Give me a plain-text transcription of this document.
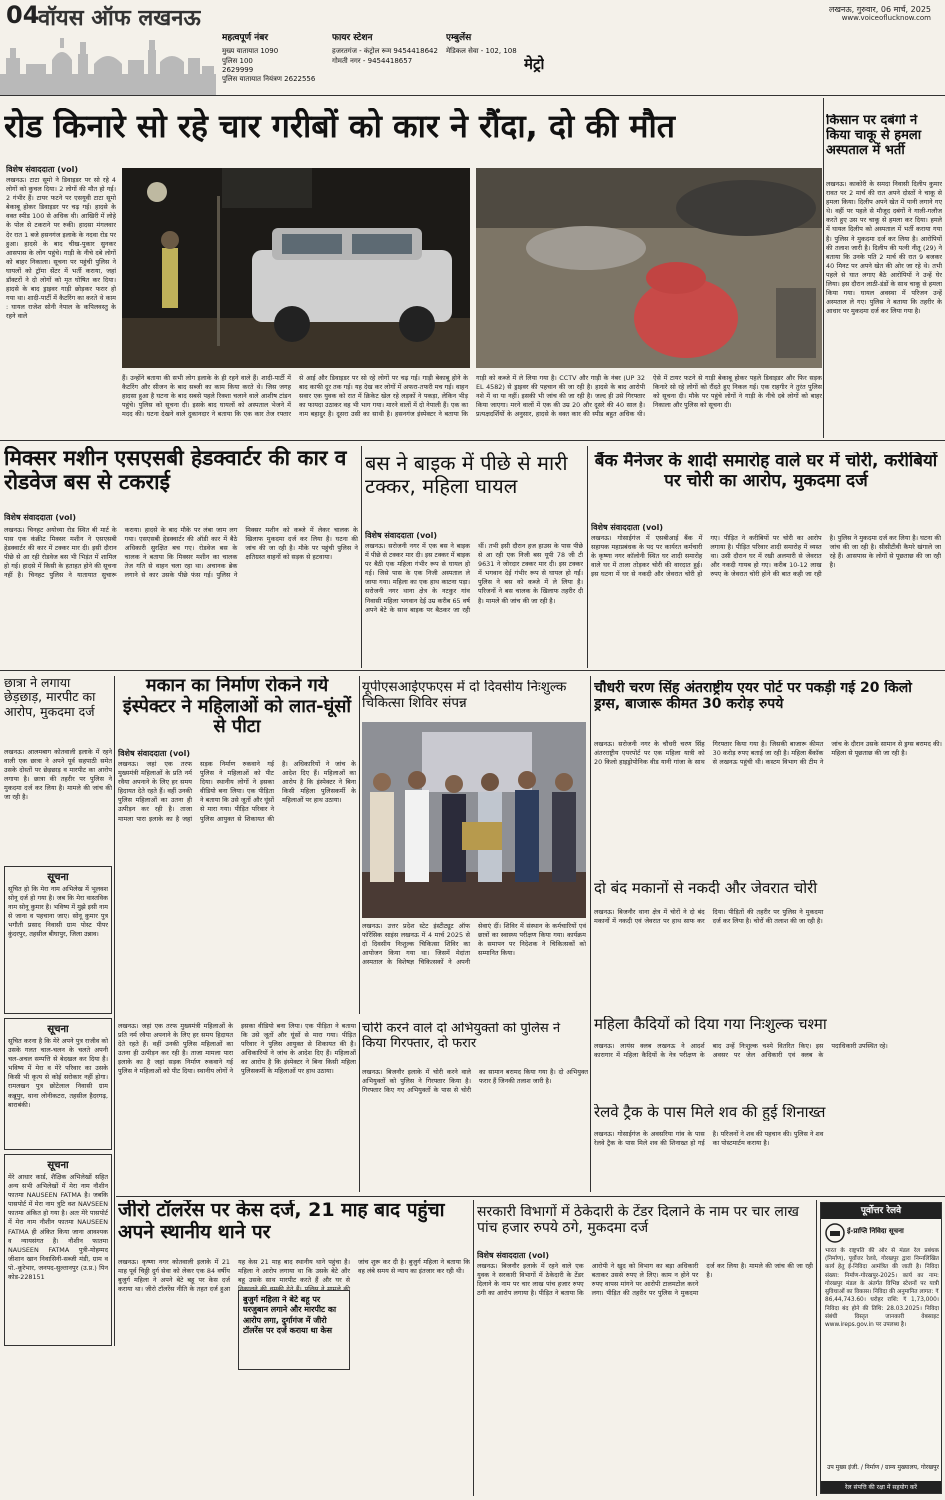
04
वॉयस ऑफ लखनऊ	लखनऊ, गुरुवार, 06 मार्च, 2025
www.voiceoflucknow.com
महत्वपूर्ण नंबर
मुख्य यातायात 1090
पुलिस 100
2629999
पुलिस यातायात नियंत्रण 2622556
फायर स्टेशन
हजरतगंज - कंट्रोल रूम 9454418642
गोमती नगर - 9454418657
एम्बुलेंस
मेडिकल सेवा - 102, 108
मेट्रो
रोड किनारे सो रहे चार गरीबों को कार ने रौंदा, दो की मौत
विशेष संवाददाता (vol)
लखनऊ। टाटा सूमो ने डिवाइडर पर सो रहे 4 लोगों को कुचल दिया। 2 लोगों की मौत हो गई। 2 गंभीर हैं। टायर फटने पर एसयूवी टाटा सूमो बेकाबू होकर डिवाइडर पर चढ़ गई। हादसे के वक्त स्पीड 100 से अधिक थी। आखिरी में लोहे के पोल से टकराने पर रुकी। हादसा मंगलवार देर रात 1 बजे हसनगंज इलाके के नदवा रोड पर हुआ। हादसे के बाद चीख-पुकार सुनकर आसपास के लोग पहुंचे। गाड़ी के नीचे दबे लोगों को बाहर निकाला। सूचना पर पहुंची पुलिस ने घायलों को ट्रॉमा सेंटर में भर्ती कराया, जहां डॉक्टरों ने दो लोगों को मृत घोषित कर दिया। हादसे के बाद ड्राइवर गाड़ी छोड़कर फरार हो गया था। शादी-पार्टी में कैटरिंग का करते थे काम : घायल राजेश सोनी नेपाल के कपिलवस्तु के रहने वाले
हैं। उन्होंने बताया की सभी लोग इलाके के ही रहने वाले हैं। शादी-पार्टी में कैटरिंग और सीजन के बाद सब्जी का काम किया करते थे। जिस जगह हादसा हुआ है घटना के बाद सबसे पहले रिक्शा चलाने वाले आशीष टांडन पहुंचे। पुलिस को सूचना दी। इसके बाद घायलों को अस्पताल भेजने में मदद की। घटना देखने वाले दुकानदार ने बताया कि एक कार तेज रफ्तार से आई और डिवाइडर पर सो रहे लोगों पर चढ़ गई। गाड़ी बेकाबू होने के बाद काफी दूर तक गई। यह देख कर लोगों में अफरा-तफरी मच गई। वाहन सवार एक युवक को रात में क्रिकेट खेल रहे लड़कों ने पकड़ा, लेकिन भीड़ का फायदा उठाकर वह भी भाग गया। मारने वालों में दो नेपाली हैं। एक का नाम बहादुर है। दूसरा उसी का साथी है। हसनगंज इंस्पेक्टर ने बताया कि गाड़ी को कब्जे में ले लिया गया है। CCTV और गाड़ी के नंबर (UP 32 EL 4582) से ड्राइवर की पहचान की जा रही है। हादसे के बाद आरोपी नशे में था या नहीं। इसकी भी जांच की जा रही है। जल्द ही उसे गिरफ्तार किया जाएगा। मरने वालों में एक की उम्र 20 और दूसरे की 40 साल है। प्रत्यक्षदर्शियों के अनुसार, हादसे के वक्त कार की स्पीड बहुत अधिक थी। ऐसे में टायर फटने से गाड़ी बेकाबू होकर पहले डिवाइडर और फिर सड़क किनारे सो रहे लोगों को रौंदते हुए निकल गई। एक राहगीर ने तुरंत पुलिस को सूचना दी। मौके पर पहुंचे लोगों ने गाड़ी के नीचे दबे लोगों को बाहर निकाला और पुलिस को सूचना दी।
किसान पर दबंगों ने किया चाकू से हमला अस्पताल में भर्ती
लखनऊ। काकोरी के समदा निवासी दिलीप कुमार रावत पर 2 मार्च की रात अपने दोस्तों ने चाकू से हमला किया। दिलीप अपने खेत में पानी लगाने गए थे। वहीं पर पहले से मौजूद दबंगों ने गाली-गलौज करते हुए उस पर चाकू से हमला कर दिया। हमले में घायल दिलीप को अस्पताल में भर्ती कराया गया है। पुलिस ने मुकदमा दर्ज कर लिया है। आरोपियों की तलाश जारी है। दिलीप की पत्नी नीतू (29) ने बताया कि उनके पति 2 मार्च की रात 9 बजकर 40 मिनट पर अपने खेत की ओर जा रहे थे। तभी पहले से घात लगाए बैठे आरोपियों ने उन्हें घेर लिया। इस दौरान लाठी-डंडों के साथ चाकू से हमला किया गया। घायल अवस्था में परिजन उन्हें अस्पताल ले गए। पुलिस ने बताया कि तहरीर के आधार पर मुकदमा दर्ज कर लिया गया है।
मिक्सर मशीन एसएसबी हेडक्वार्टर की कार व रोडवेज बस से टकराई
विशेष संवाददाता (vol)
लखनऊ। चिनहट अयोध्या रोड स्थित बी मार्ट के पास एक कंक्रीट मिक्सर मशीन ने एसएसबी हेडक्वार्टर की कार में टक्कर मार दी। इसी दौरान पीछे से आ रही रोडवेज बस भी भिड़ंत में शामिल हो गई। हादसे में किसी के हताहत होने की सूचना नहीं है। चिनहट पुलिस ने यातायात सुचारू कराया। हादसे के बाद मौके पर लंबा जाम लग गया। एसएसबी हेडक्वार्टर की ऑडी कार में बैठे अधिकारी सुरक्षित बच गए। रोडवेज बस के चालक ने बताया कि मिक्सर मशीन का चालक तेज गति से वाहन चला रहा था। अचानक ब्रेक लगाने से कार उसके पीछे फंस गई। पुलिस ने मिक्सर मशीन को कब्जे में लेकर चालक के खिलाफ मुकदमा दर्ज कर लिया है। घटना की जांच की जा रही है। मौके पर पहुंची पुलिस ने क्षतिग्रस्त वाहनों को सड़क से हटवाया।
बस ने बाइक में पीछे से मारी टक्कर, महिला घायल
विशेष संवाददाता (vol)
लखनऊ। सरोजनी नगर में एक बस ने बाइक में पीछे से टक्कर मार दी। इस टक्कर में बाइक पर बैठी एक महिला गंभीर रूप से घायल हो गई। जिसे पास के एक निजी अस्पताल ले जाया गया। महिला का एक हाथ काटना पड़ा। सरोजनी नगर थाना क्षेत्र के नटकुर गांव निवासी महिला भगवान देई उम्र करीब 65 वर्ष अपने बेटे के साथ बाइक पर बैठकर जा रही थीं। तभी इसी दौरान हज हाउस के पास पीछे से आ रही एक निजी बस यूपी 78 जी टी 9631 ने जोरदार टक्कर मार दी। इस टक्कर में भगवान देई गंभीर रूप से घायल हो गईं। पुलिस ने बस को कब्जे में ले लिया है। परिजनों ने बस चालक के खिलाफ तहरीर दी है। मामले की जांच की जा रही है।
बैंक मैनेजर के शादी समारोह वाले घर में चोरी, करीबियों पर चोरी का आरोप, मुकदमा दर्ज
विशेष संवाददाता (vol)
लखनऊ। गोसाईगंज में एसबीआई बैंक में सहायक महाप्रबंधक के पद पर कार्यरत कर्मचारी के कृष्णा नगर कॉलोनी स्थित घर शादी समारोह वाले घर में ताला तोड़कर चोरी की वारदात हुई। इस घटना में घर से नकदी और जेवरात चोरी हो गए। पीड़ित ने करीबियों पर चोरी का आरोप लगाया है। पीड़ित परिवार शादी समारोह में व्यस्त था। उसी दौरान घर में रखी अलमारी से जेवरात और नकदी गायब हो गए। करीब 10-12 लाख रुपए के जेवरात चोरी होने की बात कही जा रही है। पुलिस ने मुकदमा दर्ज कर लिया है। घटना की जांच की जा रही है। सीसीटीवी कैमरे खंगाले जा रहे हैं। आसपास के लोगों से पूछताछ की जा रही है।
छात्रा ने लगाया छेड़छाड़, मारपीट का आरोप, मुकदमा दर्ज
लखनऊ। आलमबाग कोतवाली इलाके में रहने वाली एक छात्रा ने अपने पूर्व सहपाठी समेत उसके दोस्तों पर छेड़छाड़ व मारपीट का आरोप लगाया है। छात्रा की तहरीर पर पुलिस ने मुकदमा दर्ज कर लिया है। मामले की जांच की जा रही है।
सूचना
सूचित हो कि मेरा नाम अभिलेख में भूलवश सोनू दर्ज हो गया है। जब कि मेरा वास्तविक नाम सोनू कुमार है। भविष्य में मुझे इसी नाम से जाना व पहचाना जाए। सोनू कुमार पुत्र भगौती प्रसाद निवासी ग्राम पोस्ट पीपर कुंदरपुर, तहसील बीघापुर, जिला उन्नाव।
सूचना
सूचित करना है कि मेरे अपने पुत्र राजीव को उसके गलत चाल-चलन के चलते अपनी चल-अचल सम्पत्ति से बेदखल कर दिया है। भविष्य में मेरा व मेरे परिवार का उसके किसी भी कृत्य से कोई सरोकार नहीं होगा। रामलखन पुत्र छोटेलाल निवासी ग्राम कन्नूपुर, थाना लोनीकटरा, तहसील हैदरगढ़, बाराबंकी।
सूचना
मेरे आधार कार्ड, शैक्षिक अभिलेखों सहित अन्य सभी अभिलेखों में मेरा नाम नौशीन फातमा NAUSEEN FATMA है। जबकि पासपोर्ट में मेरा नाम त्रुटि वश NAVSEEN फातमा अंकित हो गया है। अतः मेरे पासपोर्ट में मेरा नाम नौशीन फातमा NAUSEEN FATMA ही अंकित किया जाना आवश्यक व न्यायसंगत है। नौशीन फातमा NAUSEEN FATMA पुत्री-मोहम्मद जीशान खान निवासिनी-सब्जी मंडी, ग्राम व पो.-कूरेभार, जनपद-सुल्तानपुर (उ.प्र.) पिन कोड-228151
मकान का निर्माण रोकने गये इंस्पेक्टर ने महिलाओं को लात-घूंसों से पीटा
विशेष संवाददाता (vol)
लखनऊ। जहां एक तरफ मुख्यमंत्री महिलाओं के प्रति नर्म रवैया अपनाने के लिए हर समय हिदायत देते रहते हैं। वहीं उनकी पुलिस महिलाओं का उतना ही उत्पीड़न कर रही है। ताजा मामला पारा इलाके का है जहां सड़क निर्माण रुकवाने गई पुलिस ने महिलाओं को पीट दिया। स्थानीय लोगों ने इसका वीडियो बना लिया। एक पीड़िता ने बताया कि उसे जूतों और घूंसों से मारा गया। पीड़ित परिवार ने पुलिस आयुक्त से शिकायत की है। अधिकारियों ने जांच के आदेश दिए हैं। महिलाओं का आरोप है कि इंस्पेक्टर ने बिना किसी महिला पुलिसकर्मी के महिलाओं पर हाथ उठाया।
यूपीएसआईएफएस में दो दिवसीय निःशुल्क चिकित्सा शिविर संपन्न
लखनऊ। उत्तर प्रदेश स्टेट इंस्टीट्यूट ऑफ फॉरेंसिक साइंस लखनऊ में 4 मार्च 2025 से दो दिवसीय निःशुल्क चिकित्सा शिविर का आयोजन किया गया था। जिसमें मेदांता अस्पताल के विशेषज्ञ चिकित्सकों ने अपनी सेवाएं दीं। शिविर में संस्थान के कर्मचारियों एवं छात्रों का स्वास्थ्य परीक्षण किया गया। कार्यक्रम के समापन पर निदेशक ने चिकित्सकों को सम्मानित किया।
चौधरी चरण सिंह अंतराष्ट्रीय एयर पोर्ट पर पकड़ी गई 20 किलो ड्रग्स, बाजारू कीमत 30 करोड़ रुपये
लखनऊ। सरोजनी नगर के चौधरी चरण सिंह अंतरराष्ट्रीय एयरपोर्ट पर एक महिला यात्री को 20 किलो हाइड्रोपोनिक वीड यानी गांजा के साथ गिरफ्तार किया गया है। जिसकी बाजारू कीमत 30 करोड़ रुपए बताई जा रही है। महिला बैंकॉक से लखनऊ पहुंची थी। कस्टम विभाग की टीम ने जांच के दौरान उसके सामान से ड्रग्स बरामद की। महिला से पूछताछ की जा रही है।
दो बंद मकानों से नकदी और जेवरात चोरी
लखनऊ। बिजनौर थाना क्षेत्र में चोरों ने दो बंद मकानों में नकदी एवं जेवरात पर हाथ साफ कर दिया। पीड़ितों की तहरीर पर पुलिस ने मुकदमा दर्ज कर लिया है। चोरों की तलाश की जा रही है।
महिला कैदियों को दिया गया निःशुल्क चश्मा
लखनऊ। लायंस क्लब लखनऊ ने आदर्श कारागार में महिला कैदियों के नेत्र परीक्षण के बाद उन्हें निःशुल्क चश्मे वितरित किए। इस अवसर पर जेल अधिकारी एवं क्लब के पदाधिकारी उपस्थित रहे।
रेलवे ट्रैक के पास मिले शव की हुई शिनाख्त
लखनऊ। गोसाईगंज के अवसरिया गांव के पास रेलवे ट्रैक के पास मिले शव की शिनाख्त हो गई है। परिजनों ने शव की पहचान की। पुलिस ने शव का पोस्टमार्टम कराया है।
चोरी करने वाले दो अभियुक्तों को पुलिस ने किया गिरफ्तार, दो फरार
लखनऊ। बिजनौर इलाके में चोरी करने वाले अभियुक्तों को पुलिस ने गिरफ्तार किया है। गिरफ्तार किए गए अभियुक्तों के पास से चोरी का सामान बरामद किया गया है। दो अभियुक्त फरार हैं जिनकी तलाश जारी है।
लखनऊ। जहां एक तरफ मुख्यमंत्री महिलाओं के प्रति नर्म रवैया अपनाने के लिए हर समय हिदायत देते रहते हैं। वहीं उनकी पुलिस महिलाओं का उतना ही उत्पीड़न कर रही है। ताजा मामला पारा इलाके का है जहां सड़क निर्माण रुकवाने गई पुलिस ने महिलाओं को पीट दिया। स्थानीय लोगों ने इसका वीडियो बना लिया। एक पीड़िता ने बताया कि उसे जूतों और घूंसों से मारा गया। पीड़ित परिवार ने पुलिस आयुक्त से शिकायत की है। अधिकारियों ने जांच के आदेश दिए हैं। महिलाओं का आरोप है कि इंस्पेक्टर ने बिना किसी महिला पुलिसकर्मी के महिलाओं पर हाथ उठाया।
जीरो टॉलरेंस पर केस दर्ज, 21 माह बाद पहुंचा अपने स्थानीय थाने पर
लखनऊ। कृष्णा नगर कोतवाली इलाके में 21 माह पूर्व चिठ्ठी दुर्ग सेवा को लेकर एक 84 वर्षीय बुजुर्ग महिला ने अपने बेटे बहू पर केस दर्ज कराया था। जीरो टॉलरेंस नीति के तहत दर्ज हुआ यह केस 21 माह बाद स्थानीय थाने पहुंचा है। महिला ने आरोप लगाया था कि उसके बेटे और बहू उसके साथ मारपीट करते हैं और घर से जांच शुरू कर दी है। बुजुर्ग महिला ने बताया कि वह लंबे समय से न्याय का इंतजार कर रही थी।
बुजुर्ग महिला ने बेटे बहू पर घरजुबान लगाने और मारपीट का आरोप लगा, दुर्गागंज में जीरो टॉलरेंस पर दर्ज कराया था केस
सरकारी विभागों में ठेकेदारी के टेंडर दिलाने के नाम पर चार लाख पांच हजार रुपये ठगे, मुकदमा दर्ज
विशेष संवाददाता (vol)
लखनऊ। बिजनौर इलाके में रहने वाले एक युवक ने सरकारी विभागों में ठेकेदारी के टेंडर दिलाने के नाम पर चार लाख पांच हजार रुपए ठगी का आरोप लगाया है। पीड़ित ने बताया कि आरोपी ने खुद को विभाग का बड़ा अधिकारी बताकर उससे रुपए ले लिए। काम न होने पर रुपए वापस मांगने पर आरोपी टालमटोल करने लगा। पीड़ित की तहरीर पर पुलिस ने मुकदमा दर्ज कर लिया है। मामले की जांच की जा रही है।
पूर्वोत्तर रेलवे
ई-प्राप्ति निविदा सूचना
भारत के राष्ट्रपति की ओर से मंडल रेल प्रबंधक (निर्माण), पूर्वोत्तर रेलवे, गोरखपुर द्वारा निम्नलिखित कार्य हेतु ई-निविदा आमंत्रित की जाती है। निविदा संख्या: निर्माण-गोरखपुर-2025। कार्य का नाम: गोरखपुर मंडल के अंतर्गत विभिन्न स्टेशनों पर यात्री सुविधाओं का विकास। निविदा की अनुमानित लागत: ₹ 86,44,743.60। धरोहर राशि: ₹ 1,73,000। निविदा बंद होने की तिथि: 28.03.2025। निविदा संबंधी विस्तृत जानकारी वेबसाइट www.ireps.gov.in पर उपलब्ध है।
उप मुख्य इंजी. / निर्माण / ग्राम्य मुख्यालय, गोरखपुर
रेल संपत्ति की रक्षा में सहयोग करें
